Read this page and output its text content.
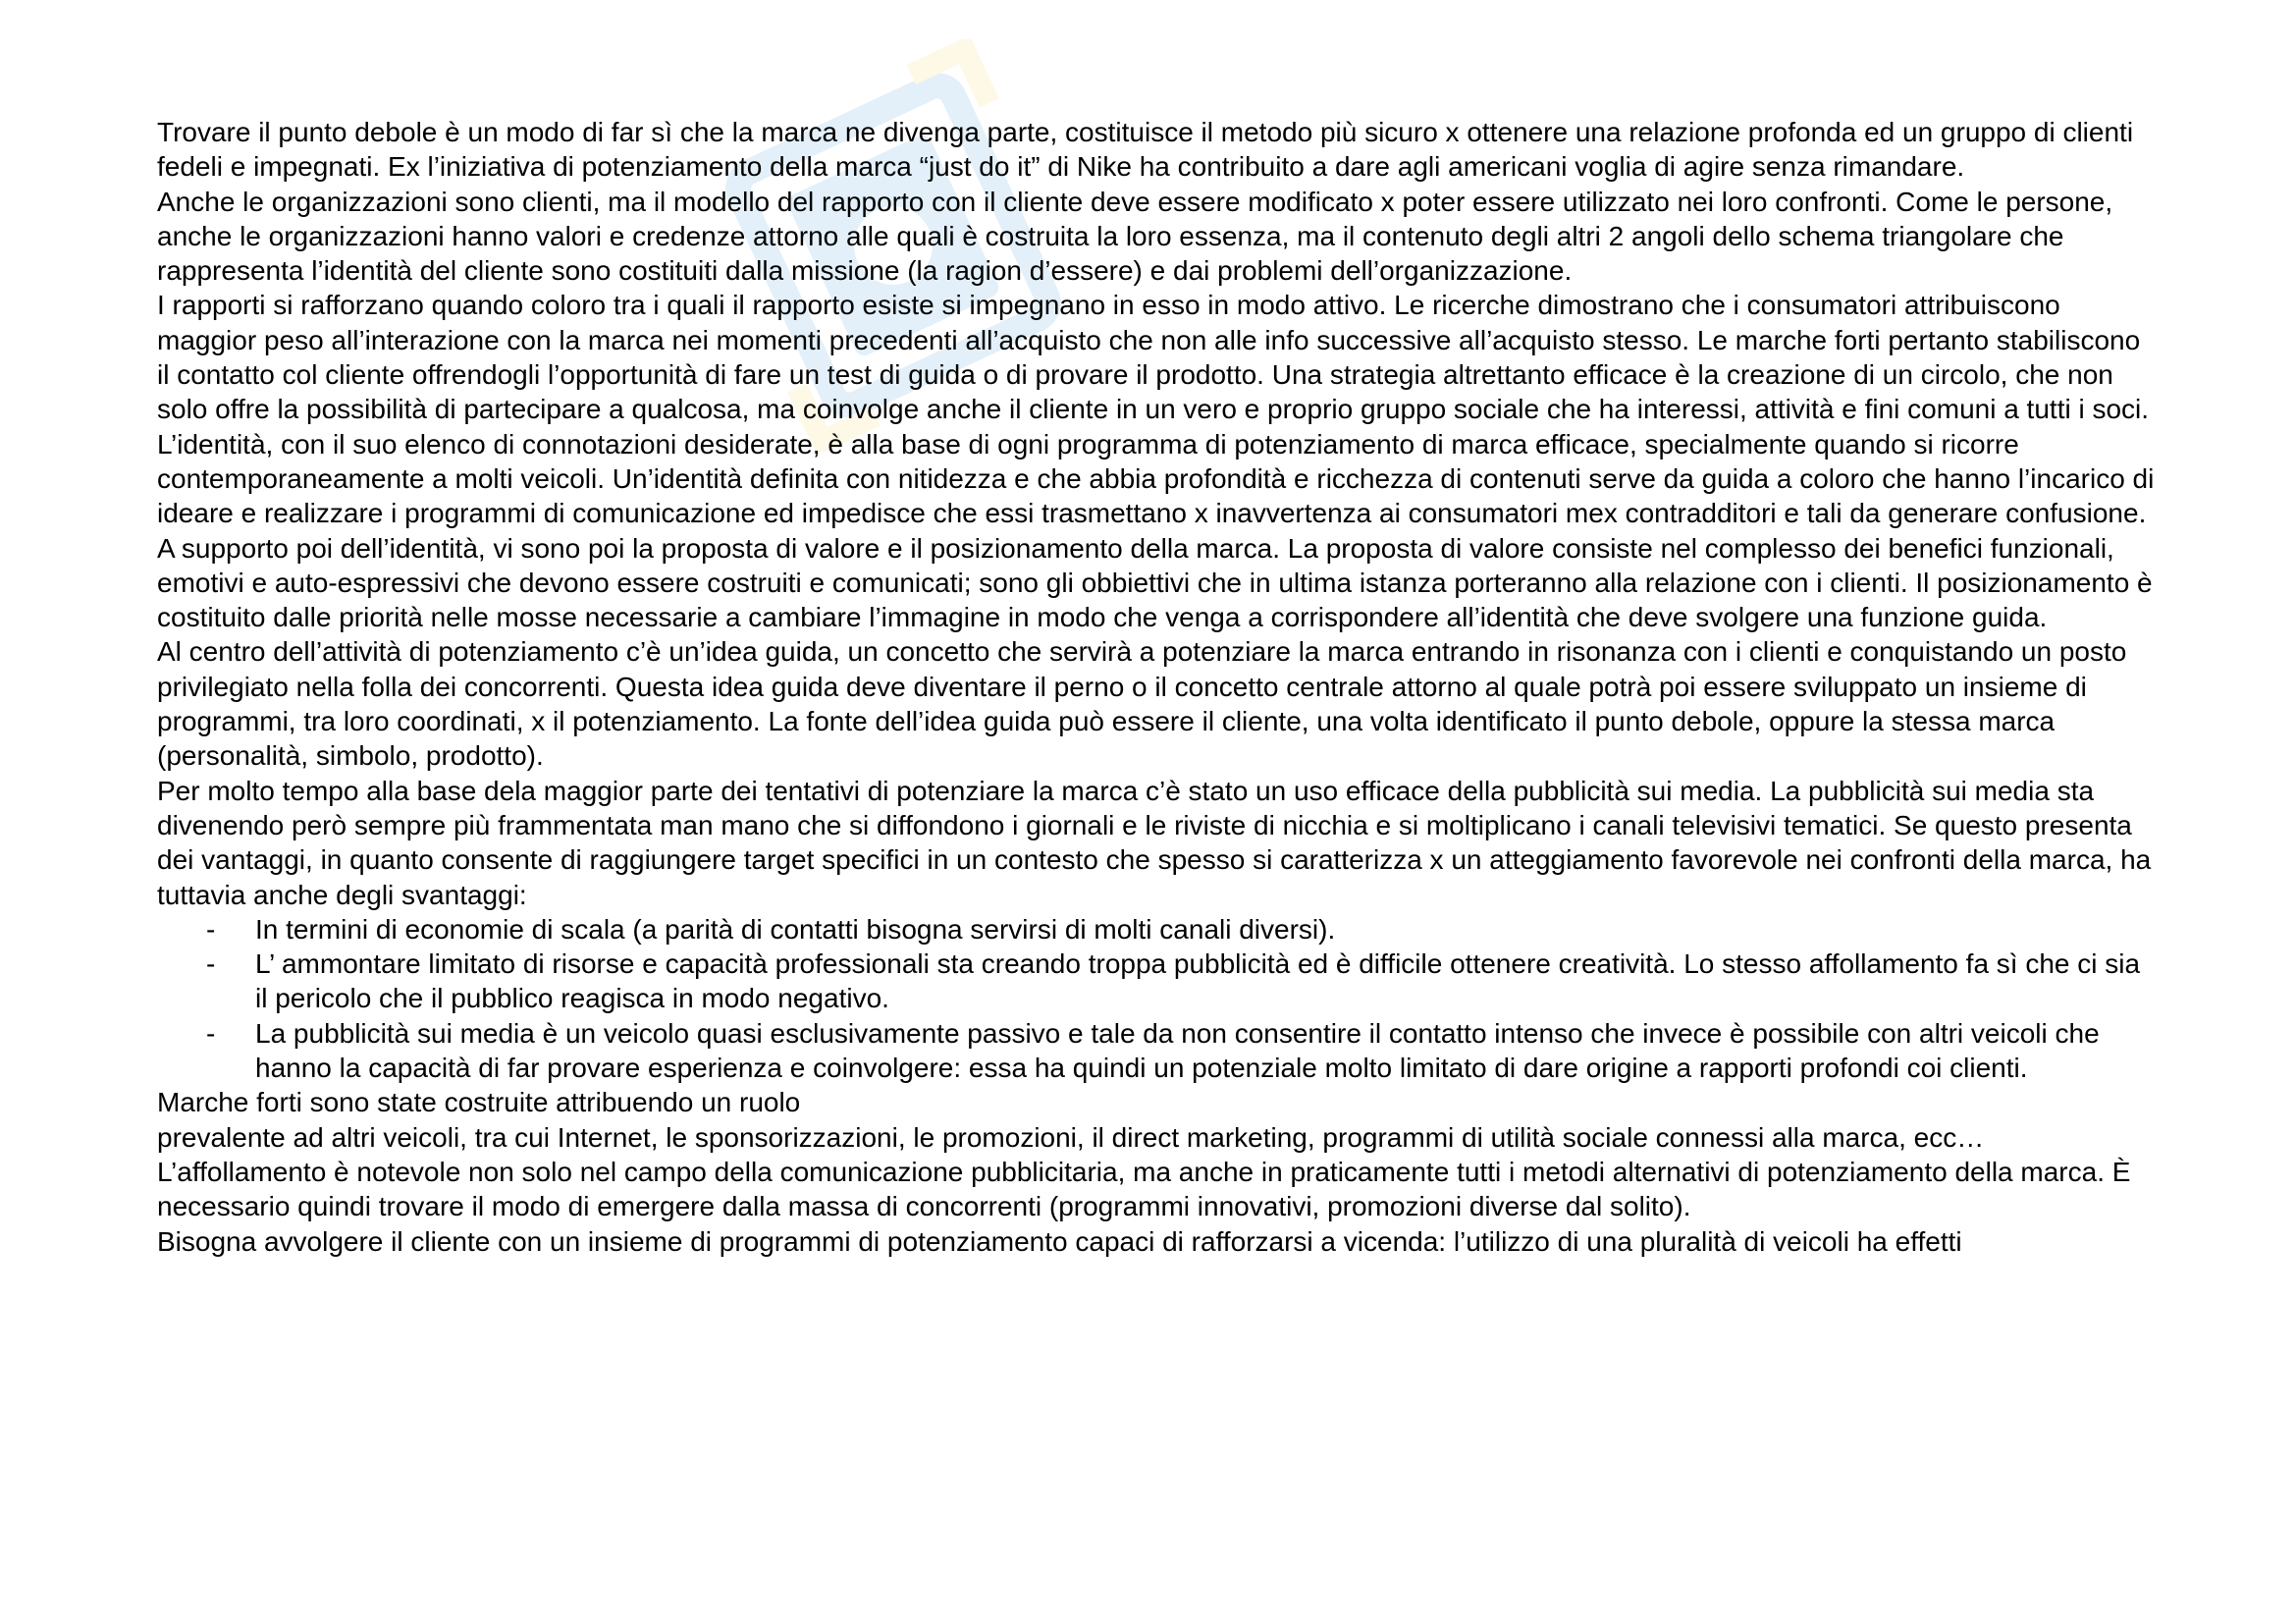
Trovare il punto debole è un modo di far sì che la marca ne divenga parte, costituisce il metodo più sicuro x ottenere una relazione profonda ed un gruppo di clienti fedeli e impegnati. Ex l’iniziativa di potenziamento della marca “just do it” di Nike ha contribuito a dare agli americani voglia di agire senza rimandare.

Anche le organizzazioni sono clienti, ma il modello del rapporto con il cliente deve essere modificato x poter essere utilizzato nei loro confronti. Come le persone, anche le organizzazioni hanno valori e credenze attorno alle quali è costruita la loro essenza, ma il contenuto degli altri 2 angoli dello schema triangolare che rappresenta l’identità del cliente sono costituiti dalla missione (la ragion d’essere) e dai problemi dell’organizzazione.

I rapporti si rafforzano quando coloro tra i quali il rapporto esiste si impegnano in esso in modo attivo. Le ricerche dimostrano che i consumatori attribuiscono maggior peso all’interazione con la marca nei momenti precedenti all’acquisto che non alle info successive all’acquisto stesso. Le marche forti pertanto stabiliscono il contatto col cliente offrendogli l’opportunità di fare un test di guida o di provare il prodotto. Una strategia altrettanto efficace è la creazione di un circolo, che non solo offre la possibilità di partecipare a qualcosa, ma coinvolge anche il cliente in un vero e proprio gruppo sociale che ha interessi, attività e fini comuni a tutti i soci.

L’identità, con il suo elenco di connotazioni desiderate, è alla base di ogni programma di potenziamento di marca efficace, specialmente quando si ricorre contemporaneamente a molti veicoli. Un’identità definita con nitidezza e che abbia profondità e ricchezza di contenuti serve da guida a coloro che hanno l’incarico di ideare e realizzare i programmi di comunicazione ed impedisce che essi trasmettano x inavvertenza ai consumatori mex contradditori e tali da generare confusione.

A supporto poi dell’identità, vi sono poi la proposta di valore e il posizionamento della marca. La proposta di valore consiste nel complesso dei benefici funzionali, emotivi e auto-espressivi che devono essere costruiti e comunicati; sono gli obbiettivi che in ultima istanza porteranno alla relazione con i clienti. Il posizionamento è costituito dalle priorità nelle mosse necessarie a cambiare l’immagine in modo che venga a corrispondere all’identità che deve svolgere una funzione guida.

Al centro dell’attività di potenziamento c’è un’idea guida, un concetto che servirà a potenziare la marca entrando in risonanza con i clienti e conquistando un posto privilegiato nella folla dei concorrenti. Questa idea guida deve diventare il perno o il concetto centrale attorno al quale potrà poi essere sviluppato un insieme di programmi, tra loro coordinati, x il potenziamento. La fonte dell’idea guida può essere il cliente, una volta identificato il punto debole, oppure la stessa marca (personalità, simbolo, prodotto).

Per molto tempo alla base dela maggior parte dei tentativi di potenziare la marca c’è stato un uso efficace della pubblicità sui media. La pubblicità sui media sta divenendo però sempre più frammentata man mano che si diffondono i giornali e le riviste di nicchia e si moltiplicano i canali televisivi tematici. Se questo presenta dei vantaggi, in quanto consente di raggiungere target specifici in un contesto che spesso si caratterizza x un atteggiamento favorevole nei confronti della marca, ha tuttavia anche degli svantaggi:

- In termini di economie di scala (a parità di contatti bisogna servirsi di molti canali diversi).
- L’ ammontare limitato di risorse e capacità professionali sta creando troppa pubblicità ed è difficile ottenere creatività. Lo stesso affollamento fa sì che ci sia il pericolo che il pubblico reagisca in modo negativo.
- La pubblicità sui media è un veicolo quasi esclusivamente passivo e tale da non consentire il contatto intenso che invece è possibile con altri veicoli che hanno la capacità di far provare esperienza e coinvolgere: essa ha quindi un potenziale molto limitato di dare origine a rapporti profondi coi clienti.

Marche forti sono state costruite attribuendo un ruolo

prevalente ad altri veicoli, tra cui Internet, le sponsorizzazioni, le promozioni, il direct marketing, programmi di utilità sociale connessi alla marca, ecc…

L’affollamento è notevole non solo nel campo della comunicazione pubblicitaria, ma anche in praticamente tutti i metodi alternativi di potenziamento della marca. È necessario quindi trovare il modo di emergere dalla massa di concorrenti (programmi innovativi, promozioni diverse dal solito).

Bisogna avvolgere il cliente con un insieme di programmi di potenziamento capaci di rafforzarsi a vicenda: l’utilizzo di una pluralità di veicoli ha effetti
